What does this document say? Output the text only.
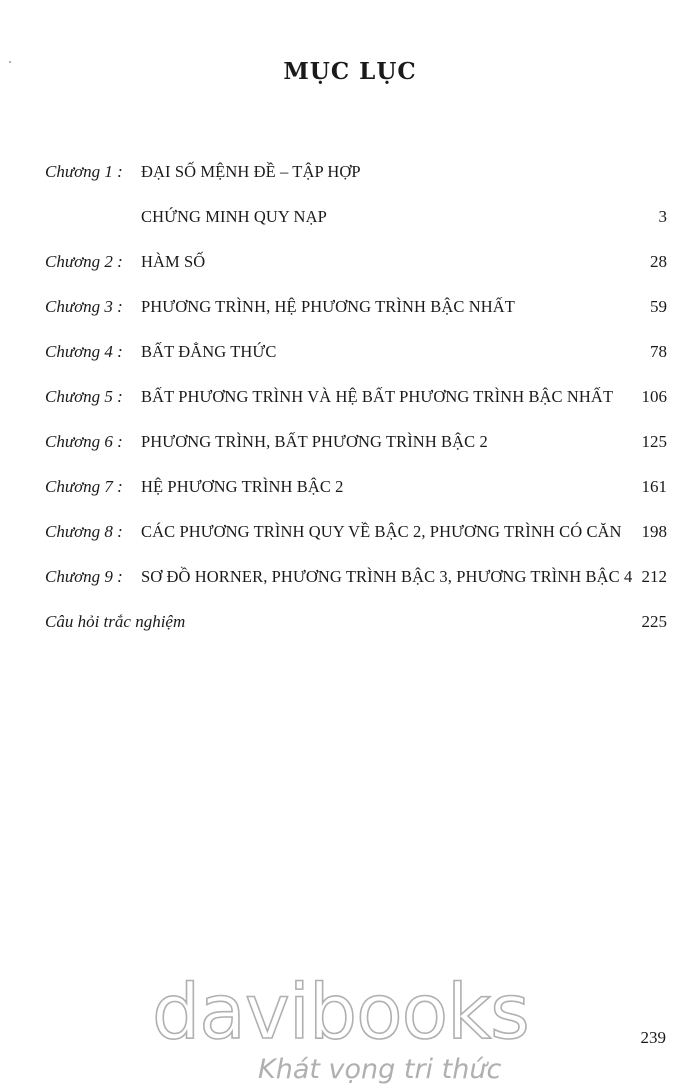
MỤC LỤC
Chương 1 : ĐẠI SỐ MỆNH ĐỀ – TẬP HỢP
CHỨNG MINH QUY NẠP	3
Chương 2 : HÀM SỐ	28
Chương 3 : PHƯƠNG TRÌNH, HỆ PHƯƠNG TRÌNH BẬC NHẤT	59
Chương 4 : BẤT ĐẲNG THỨC	78
Chương 5 : BẤT PHƯƠNG TRÌNH VÀ HỆ BẤT PHƯƠNG TRÌNH BẬC NHẤT 106
Chương 6 : PHƯƠNG TRÌNH, BẤT PHƯƠNG TRÌNH BẬC 2	125
Chương 7 : HỆ PHƯƠNG TRÌNH BẬC 2	161
Chương 8 : CÁC PHƯƠNG TRÌNH QUY VỀ BẬC 2, PHƯƠNG TRÌNH CÓ CĂN 198
Chương 9 : SƠ ĐỒ HORNER, PHƯƠNG TRÌNH BẬC 3, PHƯƠNG TRÌNH BẬC 4 212
Câu hỏi trắc nghiệm	225
239
davibooks
Khát vọng tri thức
